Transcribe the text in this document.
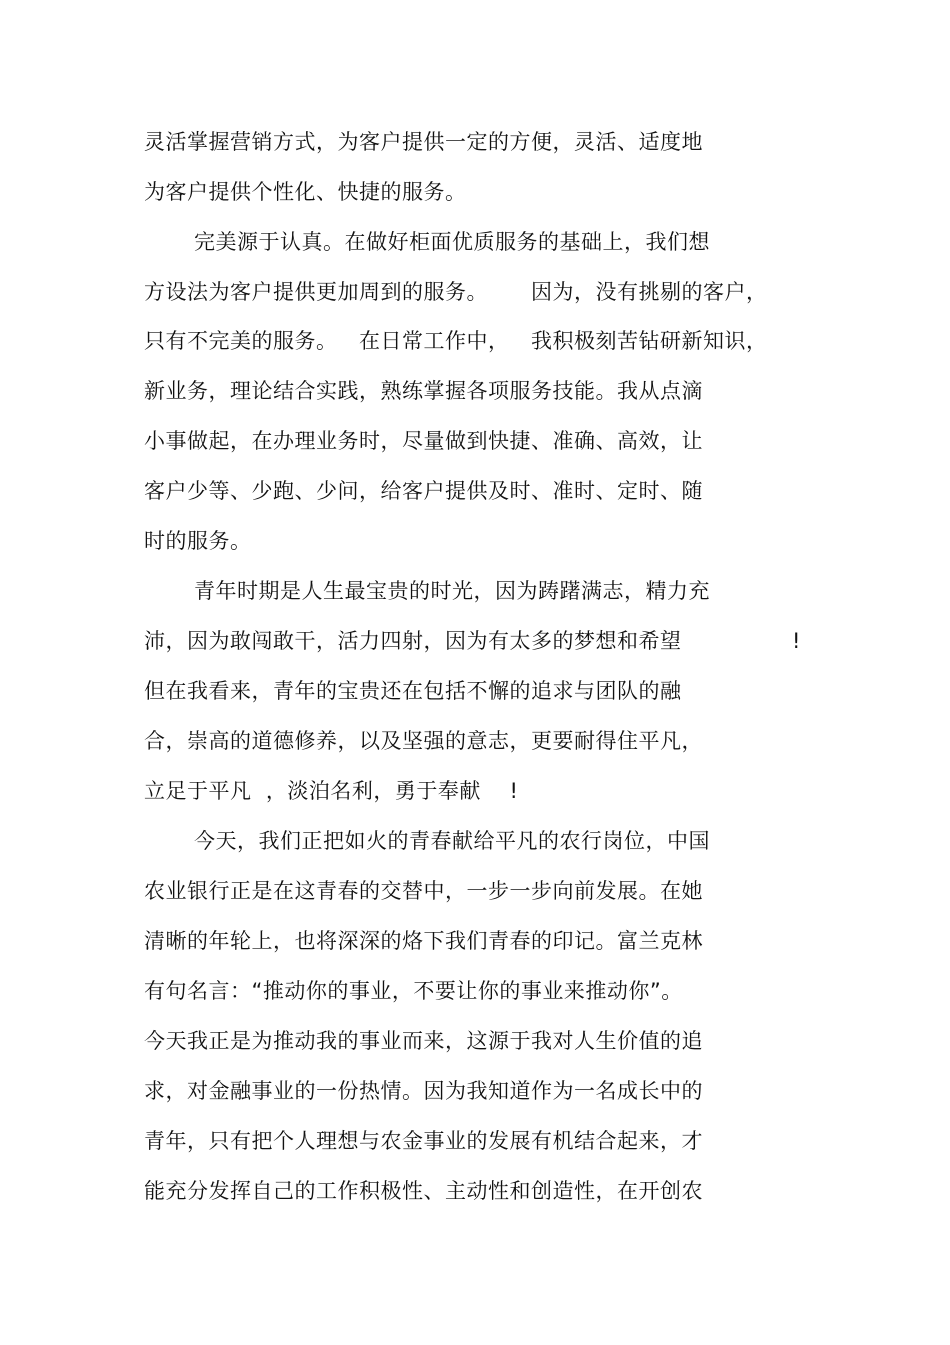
灵活掌握营销方式，为客户提供一定的方便，灵活、适度地
为客户提供个性化、快捷的服务。
完美源于认真。在做好柜面优质服务的基础上，我们想
方设法为客户提供更加周到的服务。      因为，没有挑剔的客户，
只有不完美的服务。   在日常工作中，   我积极刻苦钻研新知识，
新业务，理论结合实践，熟练掌握各项服务技能。我从点滴
小事做起，在办理业务时，尽量做到快捷、准确、高效，让
客户少等、少跑、少问，给客户提供及时、准时、定时、随
时的服务。
青年时期是人生最宝贵的时光，因为踌躇满志，精力充
沛，因为敢闯敢干，活力四射，因为有太多的梦想和希望	!
但在我看来，青年的宝贵还在包括不懈的追求与团队的融
合，崇高的道德修养，以及坚强的意志，更要耐得住平凡，
立足于平凡  ，淡泊名利，勇于奉献    !
今天，我们正把如火的青春献给平凡的农行岗位，中国
农业银行正是在这青春的交替中，一步一步向前发展。在她
清晰的年轮上，也将深深的烙下我们青春的印记。富兰克林
有句名言：“推动你的事业，不要让你的事业来推动你”。
今天我正是为推动我的事业而来，这源于我对人生价值的追
求，对金融事业的一份热情。因为我知道作为一名成长中的
青年，只有把个人理想与农金事业的发展有机结合起来，才
能充分发挥自己的工作积极性、主动性和创造性，在开创农
